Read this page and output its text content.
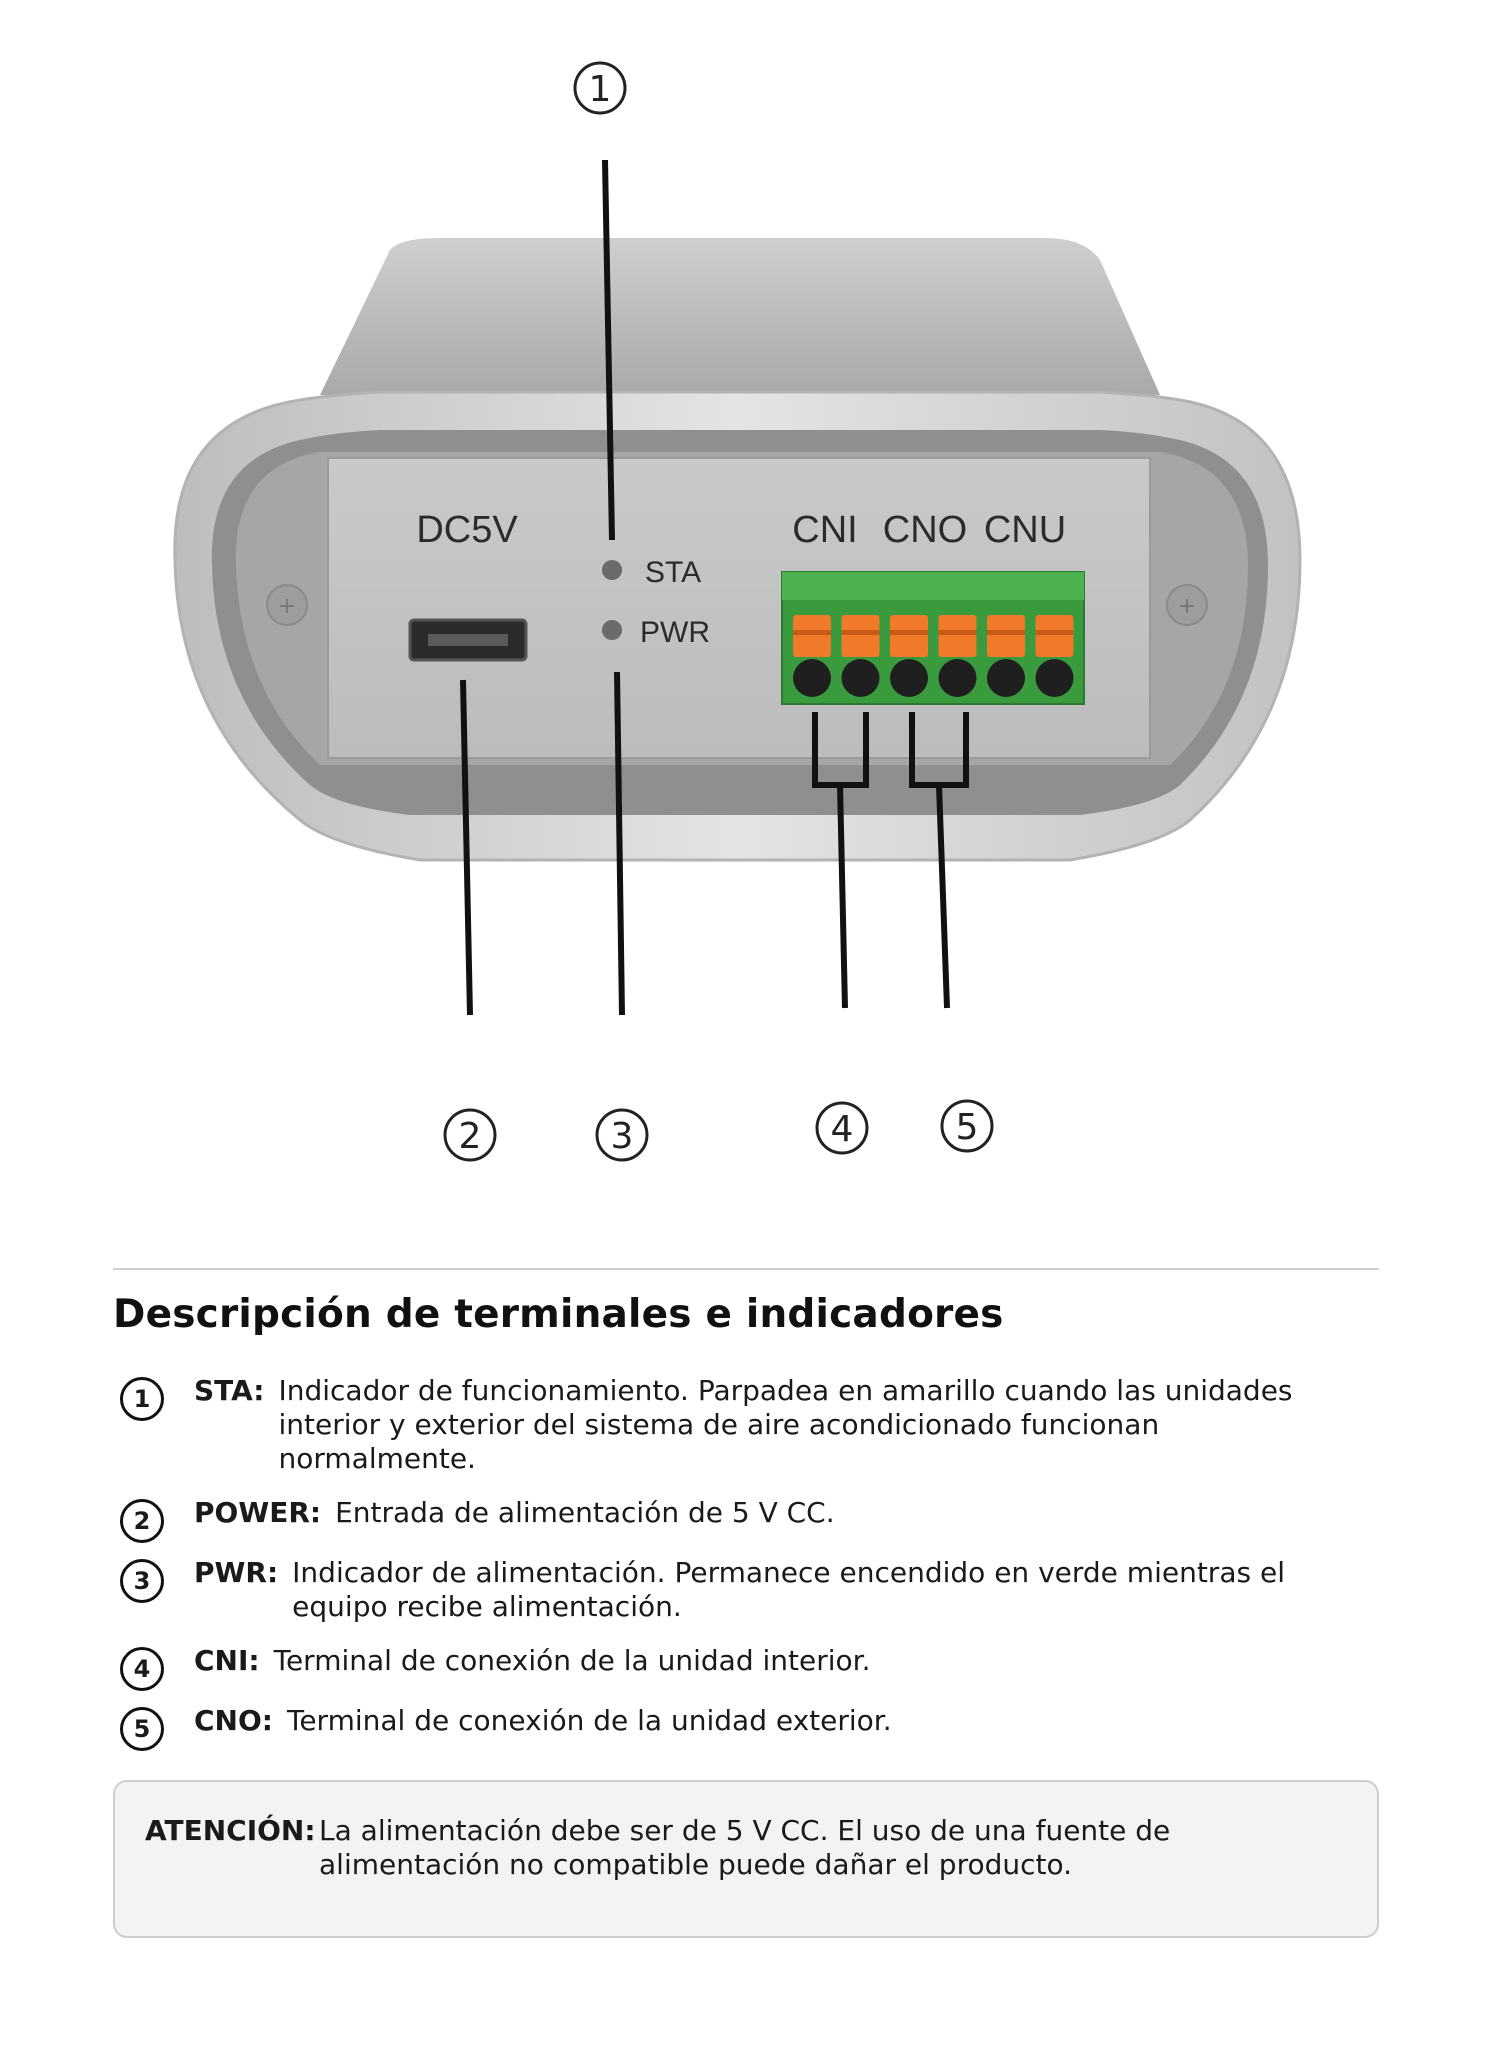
+	+
DC5V
STA
PWR
CNI CNO CNU
1
2	3	4	5
Descripción de terminales e indicadores
1	STA: Indicador de funcionamiento. Parpadea en amarillo cuando las unidades interior y exterior del sistema de aire acondicionado funcionan normalmente.
2	POWER: Entrada de alimentación de 5 V CC.
3	PWR: Indicador de alimentación. Permanece encendido en verde mientras el equipo recibe alimentación.
4	CNI: Terminal de conexión de la unidad interior.
5	CNO: Terminal de conexión de la unidad exterior.
ATENCIÓN: La alimentación debe ser de 5 V CC. El uso de una fuente de alimentación no compatible puede dañar el producto.
